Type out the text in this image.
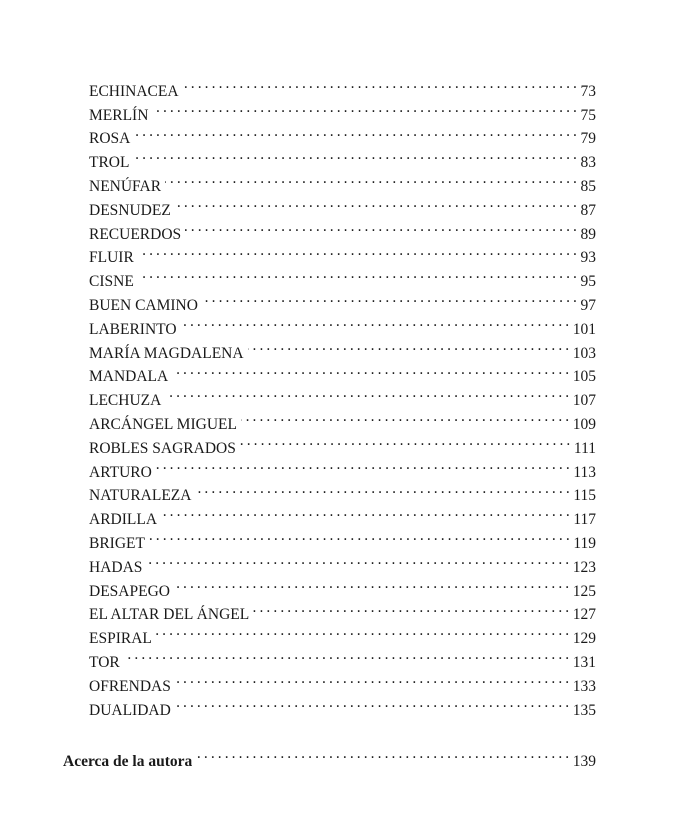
ECHINACEA . . .	73
MERLÍN . . .	75
ROSA . . .	79
TROL . . .	83
NENÚFAR . . .	85
DESNUDEZ . . .	87
RECUERDOS . . .	89
FLUIR . . .	93
CISNE . . .	95
BUEN CAMINO . . .	97
LABERINTO . . .	101
MARÍA MAGDALENA . . .	103
MANDALA . . .	105
LECHUZA . . .	107
ARCÁNGEL MIGUEL . . .	109
ROBLES SAGRADOS . . .	111
ARTURO . . .	113
NATURALEZA . . .	115
ARDILLA . . .	117
BRIGET . . .	119
HADAS . . .	123
DESAPEGO . . .	125
EL ALTAR DEL ÁNGEL . . .	127
ESPIRAL . . .	129
TOR . . .	131
OFRENDAS . . .	133
DUALIDAD . . .	135
Acerca de la autora . . .	139
